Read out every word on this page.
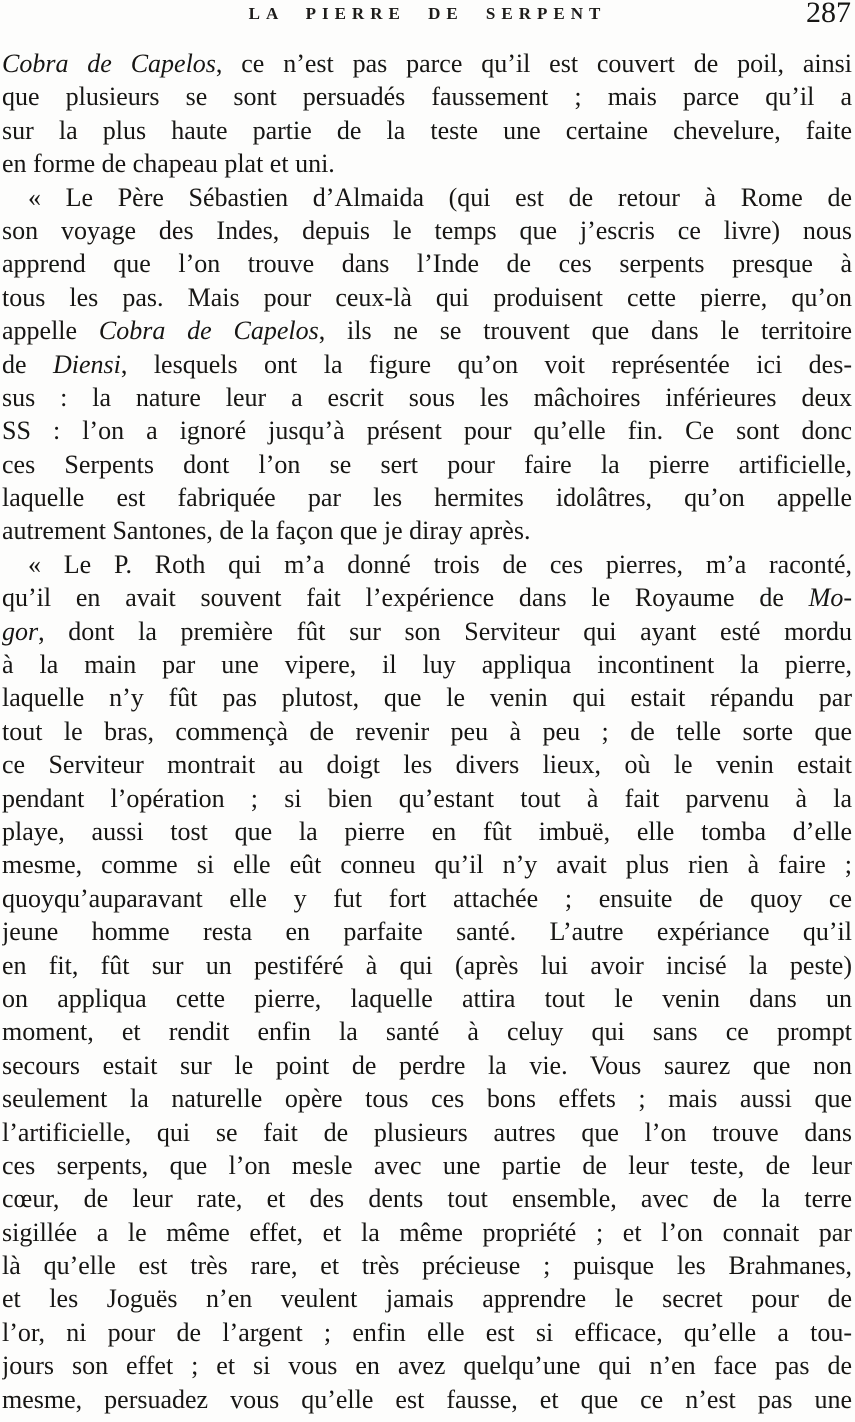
LA PIERRE DE SERPENT	287
Cobra de Capelos, ce n’est pas parce qu’il est couvert de poil, ainsi
que plusieurs se sont persuadés faussement ; mais parce qu’il a
sur la plus haute partie de la teste une certaine chevelure, faite
en forme de chapeau plat et uni.
« Le Père Sébastien d’Almaida (qui est de retour à Rome de
son voyage des Indes, depuis le temps que j’escris ce livre) nous
apprend que l’on trouve dans l’Inde de ces serpents presque à
tous les pas. Mais pour ceux-là qui produisent cette pierre, qu’on
appelle Cobra de Capelos, ils ne se trouvent que dans le territoire
de Diensi, lesquels ont la figure qu’on voit représentée ici des-
sus : la nature leur a escrit sous les mâchoires inférieures deux
SS : l’on a ignoré jusqu’à présent pour qu’elle fin. Ce sont donc
ces Serpents dont l’on se sert pour faire la pierre artificielle,
laquelle est fabriquée par les hermites idolâtres, qu’on appelle
autrement Santones, de la façon que je diray après.
« Le P. Roth qui m’a donné trois de ces pierres, m’a raconté,
qu’il en avait souvent fait l’expérience dans le Royaume de Mo-
gor, dont la première fût sur son Serviteur qui ayant esté mordu
à la main par une vipere, il luy appliqua incontinent la pierre,
laquelle n’y fût pas plutost, que le venin qui estait répandu par
tout le bras, commençà de revenir peu à peu ; de telle sorte que
ce Serviteur montrait au doigt les divers lieux, où le venin estait
pendant l’opération ; si bien qu’estant tout à fait parvenu à la
playe, aussi tost que la pierre en fût imbuë, elle tomba d’elle
mesme, comme si elle eût conneu qu’il n’y avait plus rien à faire ;
quoyqu’auparavant elle y fut fort attachée ; ensuite de quoy ce
jeune homme resta en parfaite santé. L’autre expériance qu’il
en fit, fût sur un pestiféré à qui (après lui avoir incisé la peste)
on appliqua cette pierre, laquelle attira tout le venin dans un
moment, et rendit enfin la santé à celuy qui sans ce prompt
secours estait sur le point de perdre la vie. Vous saurez que non
seulement la naturelle opère tous ces bons effets ; mais aussi que
l’artificielle, qui se fait de plusieurs autres que l’on trouve dans
ces serpents, que l’on mesle avec une partie de leur teste, de leur
cœur, de leur rate, et des dents tout ensemble, avec de la terre
sigillée a le même effet, et la même propriété ; et l’on connait par
là qu’elle est très rare, et très précieuse ; puisque les Brahmanes,
et les Joguës n’en veulent jamais apprendre le secret pour de
l’or, ni pour de l’argent ; enfin elle est si efficace, qu’elle a tou-
jours son effet ; et si vous en avez quelqu’une qui n’en face pas de
mesme, persuadez vous qu’elle est fausse, et que ce n’est pas une
